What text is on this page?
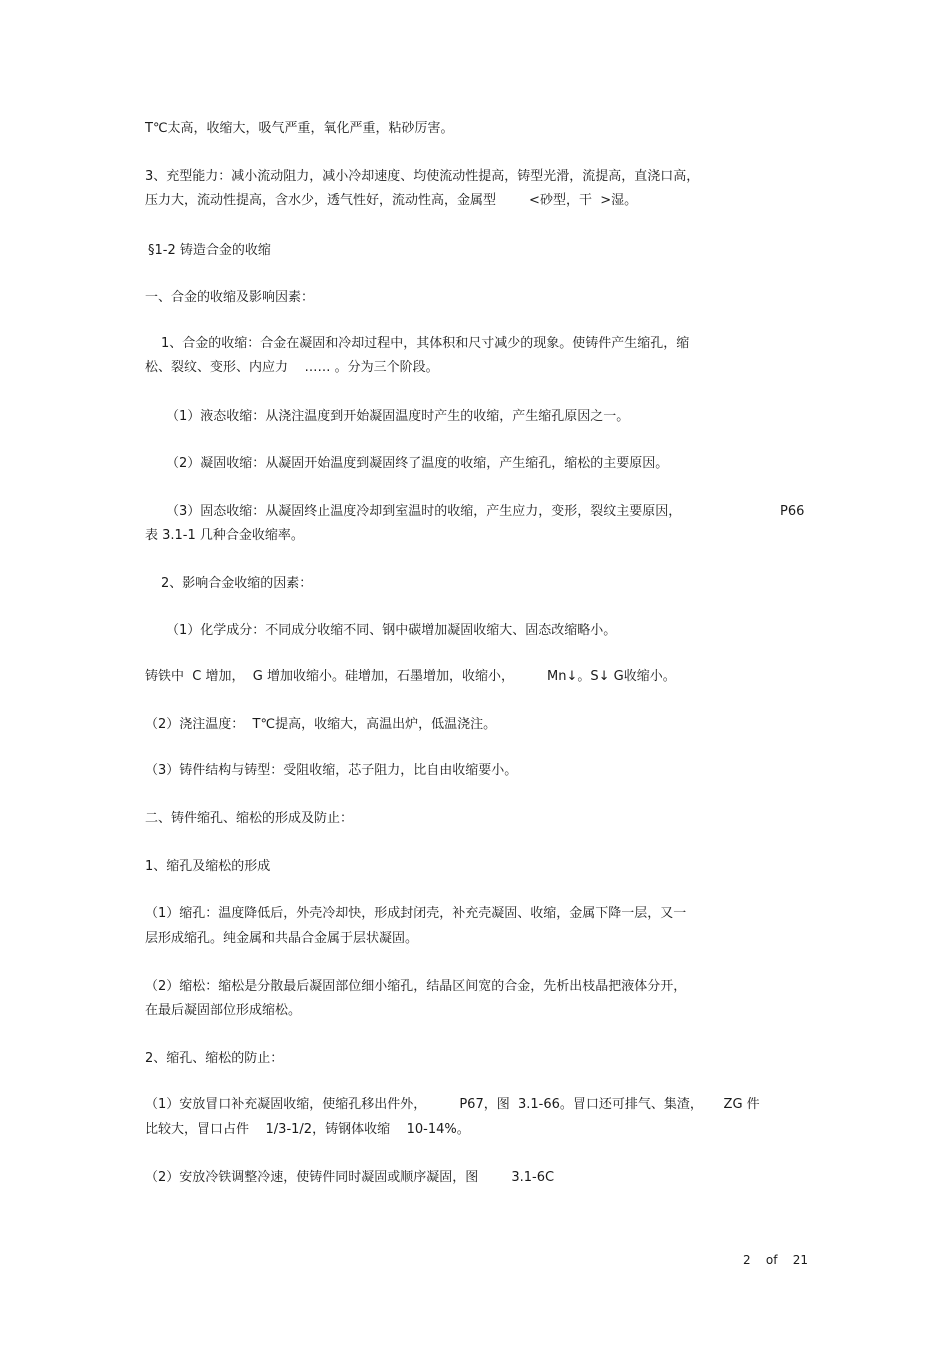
T℃太高，收缩大，吸气严重，氧化严重，粘砂厉害。
3、充型能力：减小流动阻力，减小冷却速度、均使流动性提高，铸型光滑，流提高，直浇口高，
压力大，流动性提高，含水少，透气性好，流动性高，金属型        <砂型，干  >湿。
§1-2 铸造合金的收缩
一、合金的收缩及影响因素：
1、合金的收缩：合金在凝固和冷却过程中，其体积和尺寸减少的现象。使铸件产生缩孔，缩
松、裂纹、变形、内应力    …… 。分为三个阶段。
（1）液态收缩：从浇注温度到开始凝固温度时产生的收缩，产生缩孔原因之一。
（2）凝固收缩：从凝固开始温度到凝固终了温度的收缩，产生缩孔，缩松的主要原因。
（3）固态收缩：从凝固终止温度冷却到室温时的收缩，产生应力，变形，裂纹主要原因，	P66
表 3.1-1 几种合金收缩率。
2、影响合金收缩的因素：
（1）化学成分：不同成分收缩不同、钢中碳增加凝固收缩大、固态改缩略小。
铸铁中  C 增加，  G 增加收缩小。硅增加，石墨增加，收缩小，        Mn↓。S↓ G收缩小。
（2）浇注温度：  T℃提高，收缩大，高温出炉，低温浇注。
（3）铸件结构与铸型：受阻收缩，芯子阻力，比自由收缩要小。
二、铸件缩孔、缩松的形成及防止：
1、缩孔及缩松的形成
（1）缩孔：温度降低后，外壳冷却快，形成封闭壳，补充壳凝固、收缩，金属下降一层，又一
层形成缩孔。纯金属和共晶合金属于层状凝固。
（2）缩松：缩松是分散最后凝固部位细小缩孔，结晶区间宽的合金，先析出枝晶把液体分开，
在最后凝固部位形成缩松。
2、缩孔、缩松的防止：
（1）安放冒口补充凝固收缩，使缩孔移出件外，        P67，图  3.1-66。冒口还可排气、集渣，     ZG 件
比较大，冒口占件    1/3-1/2，铸钢体收缩    10-14%。
（2）安放冷铁调整冷速，使铸件同时凝固或顺序凝固，图        3.1-6C
2    of    21
